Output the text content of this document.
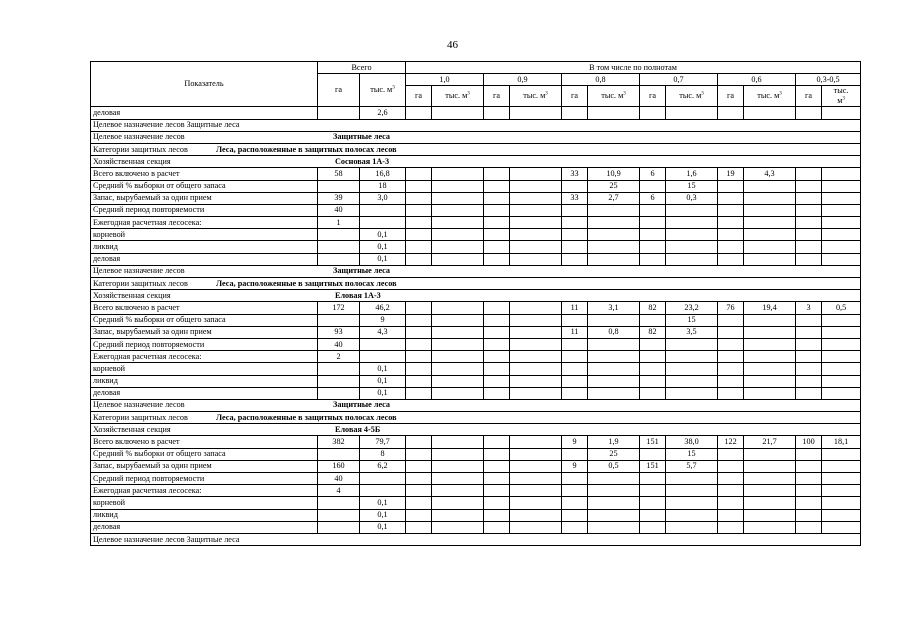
46
Показатель	Всего		В том числе по полнотам											
	га	тыс. $м^3$	1,0		0,9		0,8		0,7		0,6		0,3-0,5	
			га	тыс. $м^3$	га	тыс. $м^3$	га	тыс. $м^3$	га	тыс. $м^3$	га	тыс. $м^3$	га	тыс.
$м^3$
деловая		2,6												

Целевое назначение лесов Защитные леса														

Целевое назначение лесов Защитные леса														

Категории защитных лесов Леса, расположенные в защитных полосах лесов														

Хозяйственная секция Сосновая 1А-3														

Всего включено в расчет	58	16,8					33	10,9	6	1,6	19	4,3		
Средний % выборки от общего запаса		18						25		15				
Запас, вырубаемый за один прием	39	3,0					33	2,7	6	0,3				
Средний период повторяемости	40													
Ежегодная расчетная лесосека:	1													
корневой		0,1												
ликвид		0,1												
деловая		0,1												

Целевое назначение лесов Защитные леса														

Категории защитных лесов Леса, расположенные в защитных полосах лесов														

Хозяйственная секция Еловая 1А-3														

Всего включено в расчет	172	46,2					11	3,1	82	23,2	76	19,4	3	0,5
Средний % выборки от общего запаса		9								15				
Запас, вырубаемый за один прием	93	4,3					11	0,8	82	3,5				
Средний период повторяемости	40													
Ежегодная расчетная лесосека:	2													
корневой		0,1												
ликвид		0,1												
деловая		0,1												

Целевое назначение лесов Защитные леса														

Категории защитных лесов Леса, расположенные в защитных полосах лесов														

Хозяйственная секция Еловая 4-5Б														

Всего включено в расчет	382	79,7					9	1,9	151	38,0	122	21,7	100	18,1
Средний % выборки от общего запаса		8						25		15				
Запас, вырубаемый за один прием	160	6,2					9	0,5	151	5,7				
Средний период повторяемости	40													
Ежегодная расчетная лесосека:	4													
корневой		0,1												
ликвид		0,1												
деловая		0,1												

Целевое назначение лесов Защитные леса														
